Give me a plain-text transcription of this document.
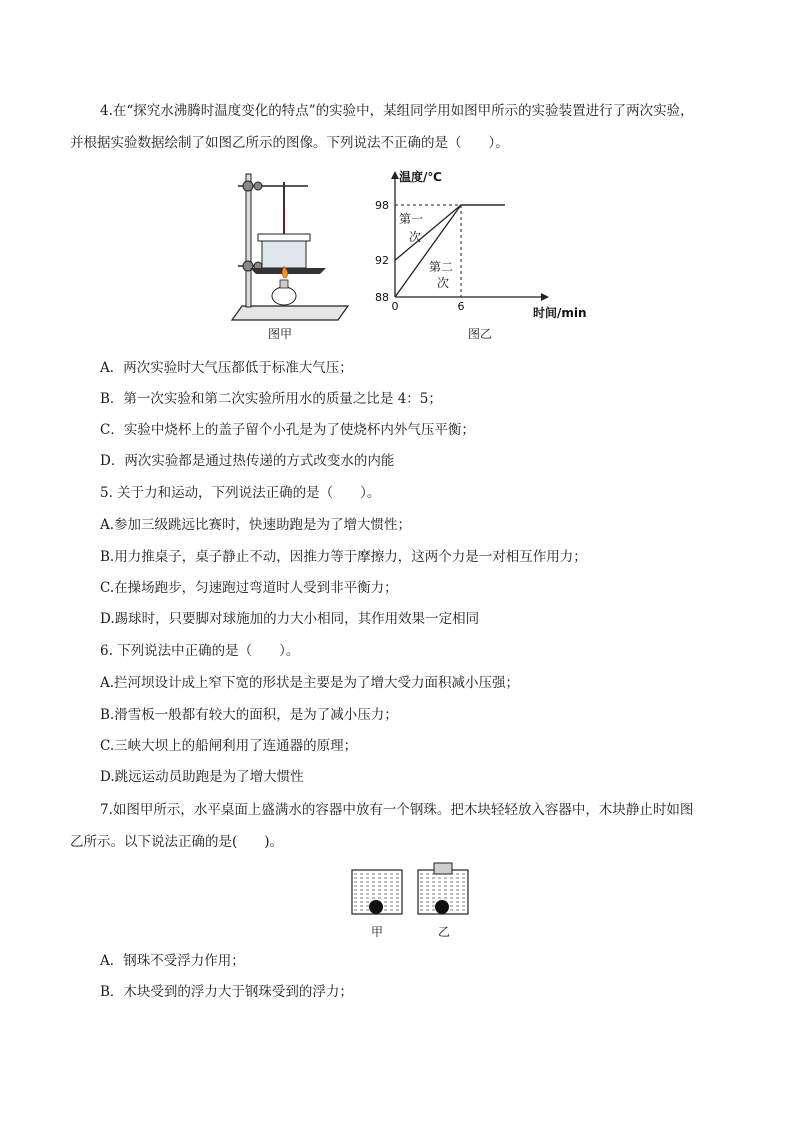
4.在“探究水沸腾时温度变化的特点”的实验中，某组同学用如图甲所示的实验装置进行了两次实验，
并根据实验数据绘制了如图乙所示的图像。下列说法不正确的是（　　）。
图甲
温度/℃
时间/min
98
92
88
0	6
第一
次
第二
次
图乙
A．两次实验时大气压都低于标准大气压；
B．第一次实验和第二次实验所用水的质量之比是 4：5；
C．实验中烧杯上的盖子留个小孔是为了使烧杯内外气压平衡；
D．两次实验都是通过热传递的方式改变水的内能
5. 关于力和运动，下列说法正确的是（　　）。
A.参加三级跳远比赛时，快速助跑是为了增大惯性；
B.用力推桌子，桌子静止不动，因推力等于摩擦力，这两个力是一对相互作用力；
C.在操场跑步，匀速跑过弯道时人受到非平衡力；
D.踢球时，只要脚对球施加的力大小相同，其作用效果一定相同
6. 下列说法中正确的是（　　）。
A.拦河坝设计成上窄下宽的形状是主要是为了增大受力面积减小压强；
B.滑雪板一般都有较大的面积，是为了减小压力；
C.三峡大坝上的船闸利用了连通器的原理；
D.跳远运动员助跑是为了增大惯性
7.如图甲所示，水平桌面上盛满水的容器中放有一个钢珠。把木块轻轻放入容器中，木块静止时如图
乙所示。以下说法正确的是(　　)。
甲	乙
A．钢珠不受浮力作用；
B．木块受到的浮力大于钢珠受到的浮力；
